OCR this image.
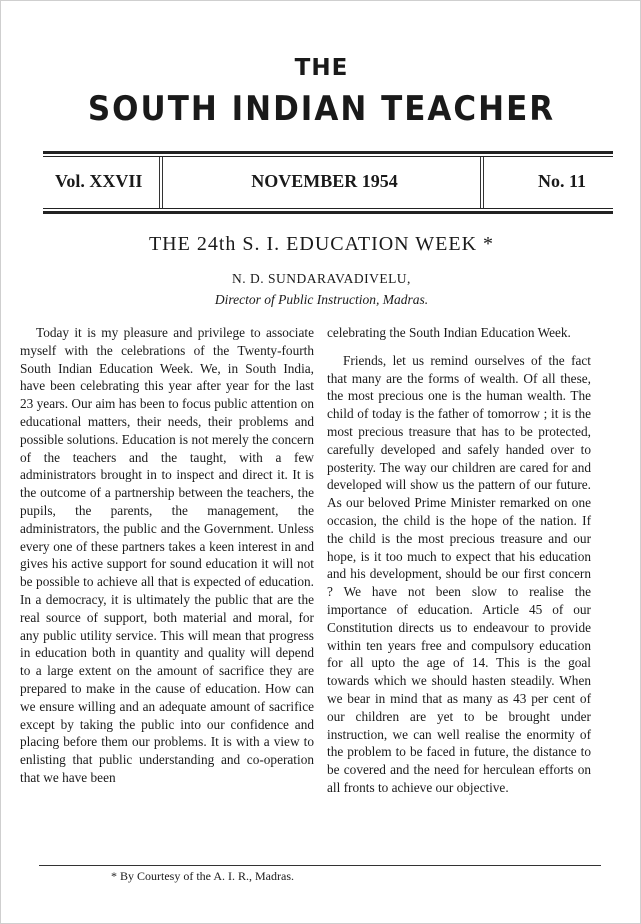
THE
SOUTH INDIAN TEACHER
Vol. XXVII	NOVEMBER 1954	No. 11
THE 24th S. I. EDUCATION WEEK *
N. D. SUNDARAVADIVELU,
Director of Public Instruction, Madras.

Today it is my pleasure and privilege to associate myself with the celebrations of the Twenty-fourth South Indian Education Week. We, in South India, have been celebrating this year after year for the last 23 years. Our aim has been to focus public attention on educational matters, their needs, their problems and possible solutions. Education is not merely the concern of the teachers and the taught, with a few administrators brought in to inspect and direct it. It is the outcome of a partnership between the teachers, the pupils, the parents, the management, the administrators, the public and the Government. Unless every one of these partners takes a keen interest in and gives his active support for sound education it will not be possible to achieve all that is expected of education. In a democracy, it is ultimately the public that are the real source of support, both material and moral, for any public utility service. This will mean that progress in education both in quantity and quality will depend to a large extent on the amount of sacrifice they are prepared to make in the cause of education. How can we ensure willing and an adequate amount of sacrifice except by taking the public into our confidence and placing before them our problems. It is with a view to enlisting that public understanding and co-operation that we have been

celebrating the South Indian Education Week.

Friends, let us remind ourselves of the fact that many are the forms of wealth. Of all these, the most precious one is the human wealth. The child of today is the father of tomorrow ; it is the most precious treasure that has to be protected, carefully developed and safely handed over to posterity. The way our children are cared for and developed will show us the pattern of our future. As our beloved Prime Minister remarked on one occasion, the child is the hope of the nation. If the child is the most precious treasure and our hope, is it too much to expect that his education and his development, should be our first concern ? We have not been slow to realise the importance of education. Article 45 of our Constitution directs us to endeavour to provide within ten years free and compulsory education for all upto the age of 14. This is the goal towards which we should hasten steadily. When we bear in mind that as many as 43 per cent of our children are yet to be brought under instruction, we can well realise the enormity of the problem to be faced in future, the distance to be covered and the need for herculean efforts on all fronts to achieve our objective.

* By Courtesy of the A. I. R., Madras.
